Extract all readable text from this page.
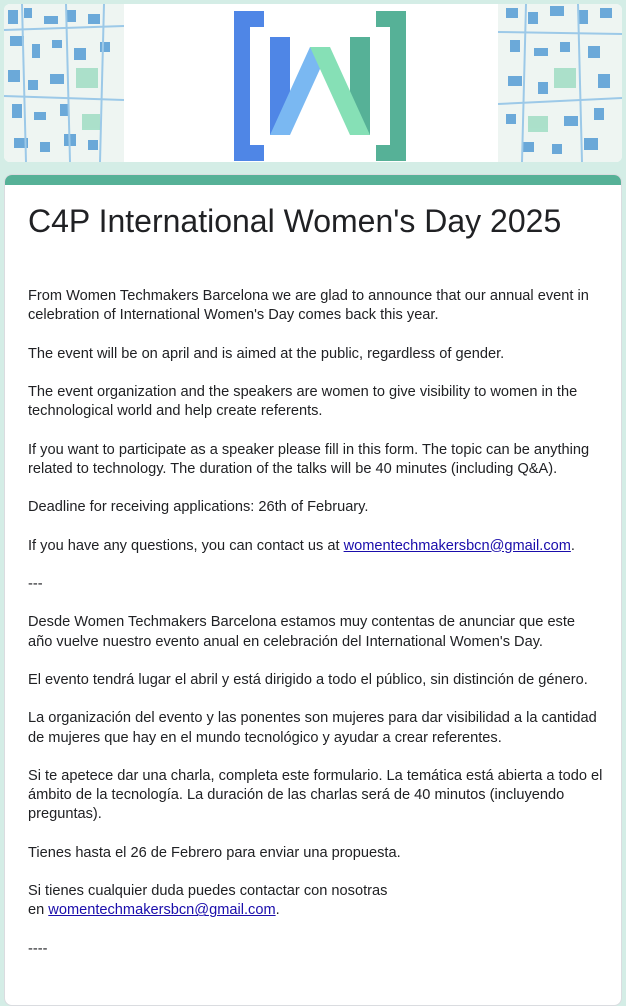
C4P International Women's Day 2025

From Women Techmakers Barcelona we are glad to announce that our annual event in celebration of International Women's Day comes back this year.

The event will be on april and is aimed at the public, regardless of gender.

The event organization and the speakers are women to give visibility to women in the technological world and help create referents.

If you want to participate as a speaker please fill in this form. The topic can be anything related to technology. The duration of the talks will be 40 minutes (including Q&A).

Deadline for receiving applications: 26th of February.

If you have any questions, you can contact us at womentechmakersbcn@gmail.com.

---

Desde Women Techmakers Barcelona estamos muy contentas de anunciar que este año vuelve nuestro evento anual en celebración del International Women's Day.

El evento tendrá lugar el abril y está dirigido a todo el público, sin distinción de género.

La organización del evento y las ponentes son mujeres para dar visibilidad a la cantidad de mujeres que hay en el mundo tecnológico y ayudar a crear referentes.

Si te apetece dar una charla, completa este formulario. La temática está abierta a todo el ámbito de la tecnología. La duración de las charlas será de 40 minutos (incluyendo preguntas).

Tienes hasta el 26 de Febrero para enviar una propuesta.

Si tienes cualquier duda puedes contactar con nosotras
en womentechmakersbcn@gmail.com.

----
